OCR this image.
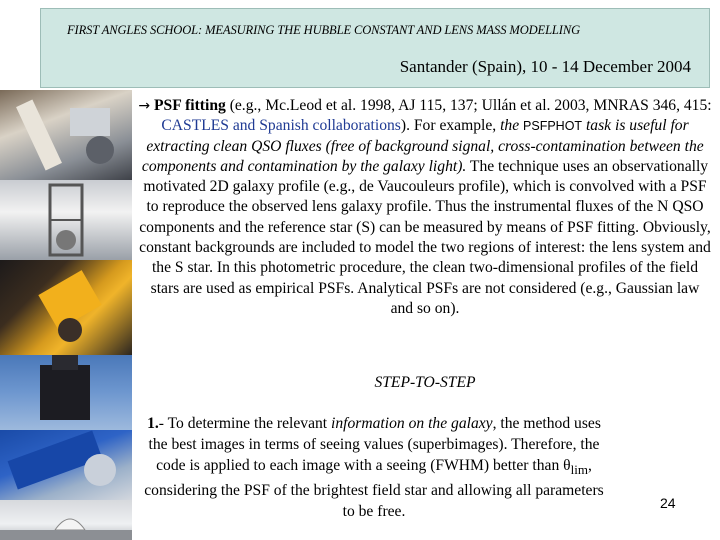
FIRST ANGLES SCHOOL: MEASURING THE HUBBLE CONSTANT AND LENS MASS MODELLING
Santander (Spain), 10 - 14 December 2004

→ PSF fitting (e.g., Mc.Leod et al. 1998, AJ 115, 137; Ullán et al. 2003, MNRAS 346, 415: CASTLES and Spanish collaborations). For example, the PSFPHOT task is useful for extracting clean QSO fluxes (free of background signal, cross-contamination between the components and contamination by the galaxy light). The technique uses an observationally motivated 2D galaxy profile (e.g., de Vaucouleurs profile), which is convolved with a PSF to reproduce the observed lens galaxy profile. Thus the instrumental fluxes of the N QSO components and the reference star (S) can be measured by means of PSF fitting. Obviously, constant backgrounds are included to model the two regions of interest: the lens system and the S star. In this photometric procedure, the clean two-dimensional profiles of the field stars are used as empirical PSFs. Analytical PSFs are not considered (e.g., Gaussian law and so on).

STEP-TO-STEP
1.- To determine the relevant information on the galaxy, the method uses the best images in terms of seeing values (superbimages). Therefore, the code is applied to each image with a seeing (FWHM) better than $\theta_{lim}$, considering the PSF of the brightest field star and allowing all parameters to be free.
24
